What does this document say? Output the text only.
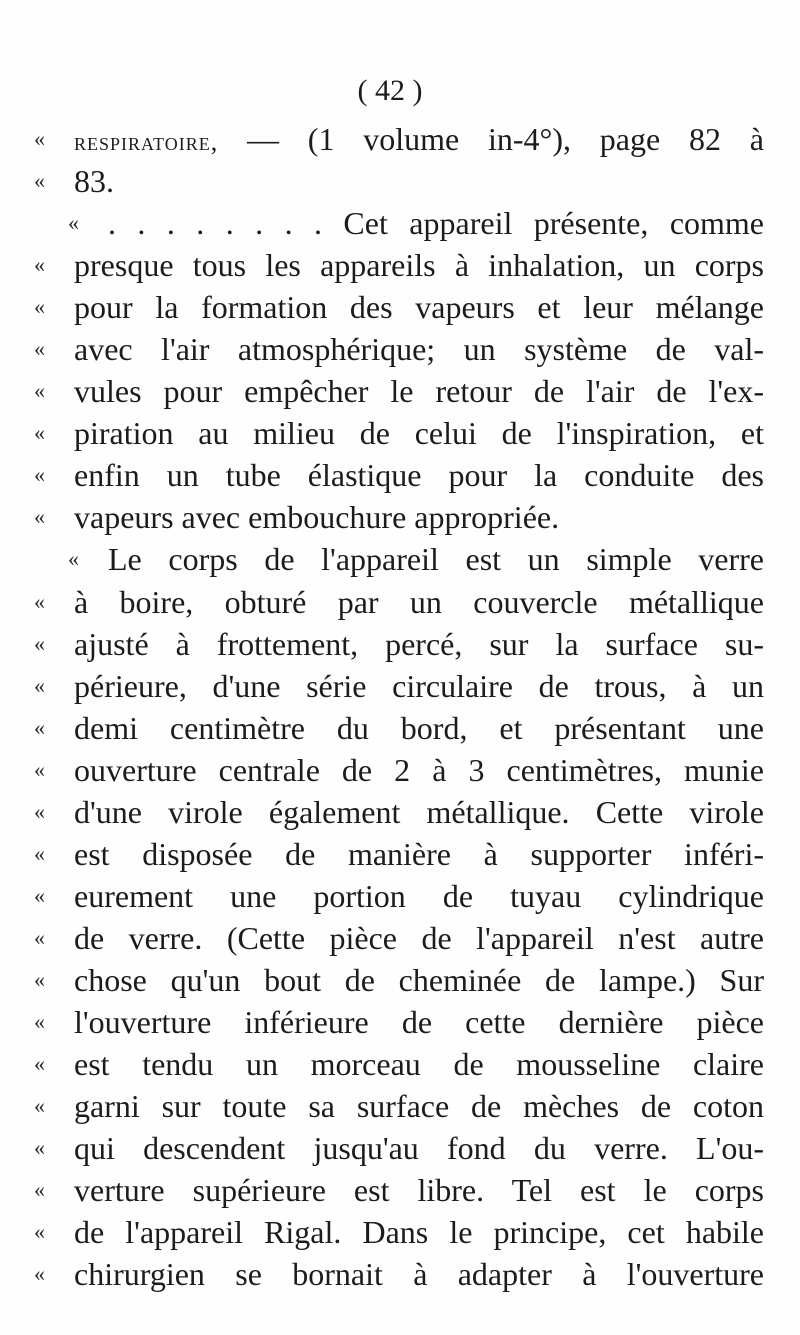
( 42 )
«	respiratoire, — (1 volume in-4°), page 82 à
« 83.
« . . . . . . . . Cet appareil présente, comme
« presque tous les appareils à inhalation, un corps
« pour la formation des vapeurs et leur mélange
« avec l'air atmosphérique; un système de val-
« vules pour empêcher le retour de l'air de l'ex-
« piration au milieu de celui de l'inspiration, et
« enfin un tube élastique pour la conduite des
« vapeurs avec embouchure appropriée.
« Le corps de l'appareil est un simple verre
« à boire, obturé par un couvercle métallique
« ajusté à frottement, percé, sur la surface su-
« périeure, d'une série circulaire de trous, à un
« demi centimètre du bord, et présentant une
« ouverture centrale de 2 à 3 centimètres, munie
« d'une virole également métallique. Cette virole
« est disposée de manière à supporter inféri-
« eurement une portion de tuyau cylindrique
« de verre. (Cette pièce de l'appareil n'est autre
« chose qu'un bout de cheminée de lampe.) Sur
« l'ouverture inférieure de cette dernière pièce
« est tendu un morceau de mousseline claire
« garni sur toute sa surface de mèches de coton
« qui descendent jusqu'au fond du verre. L'ou-
« verture supérieure est libre. Tel est le corps
« de l'appareil Rigal. Dans le principe, cet habile
« chirurgien se bornait à adapter à l'ouverture
